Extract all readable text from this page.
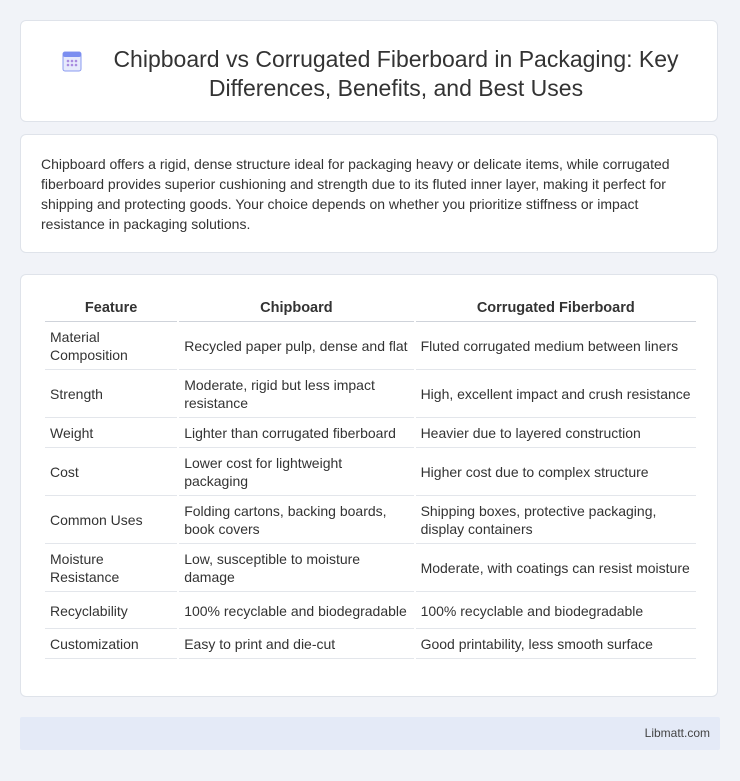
Chipboard vs Corrugated Fiberboard in Packaging: Key Differences, Benefits, and Best Uses

Chipboard offers a rigid, dense structure ideal for packaging heavy or delicate items, while corrugated fiberboard provides superior cushioning and strength due to its fluted inner layer, making it perfect for shipping and protecting goods. Your choice depends on whether you prioritize stiffness or impact resistance in packaging solutions.

Feature	Chipboard	Corrugated Fiberboard
Material Composition	Recycled paper pulp, dense and flat	Fluted corrugated medium between liners
Strength	Moderate, rigid but less impact resistance	High, excellent impact and crush resistance
Weight	Lighter than corrugated fiberboard	Heavier due to layered construction
Cost	Lower cost for lightweight packaging	Higher cost due to complex structure
Common Uses	Folding cartons, backing boards, book covers	Shipping boxes, protective packaging, display containers
Moisture Resistance	Low, susceptible to moisture damage	Moderate, with coatings can resist moisture
Recyclability	100% recyclable and biodegradable	100% recyclable and biodegradable
Customization	Easy to print and die-cut	Good printability, less smooth surface
Libmatt.com
